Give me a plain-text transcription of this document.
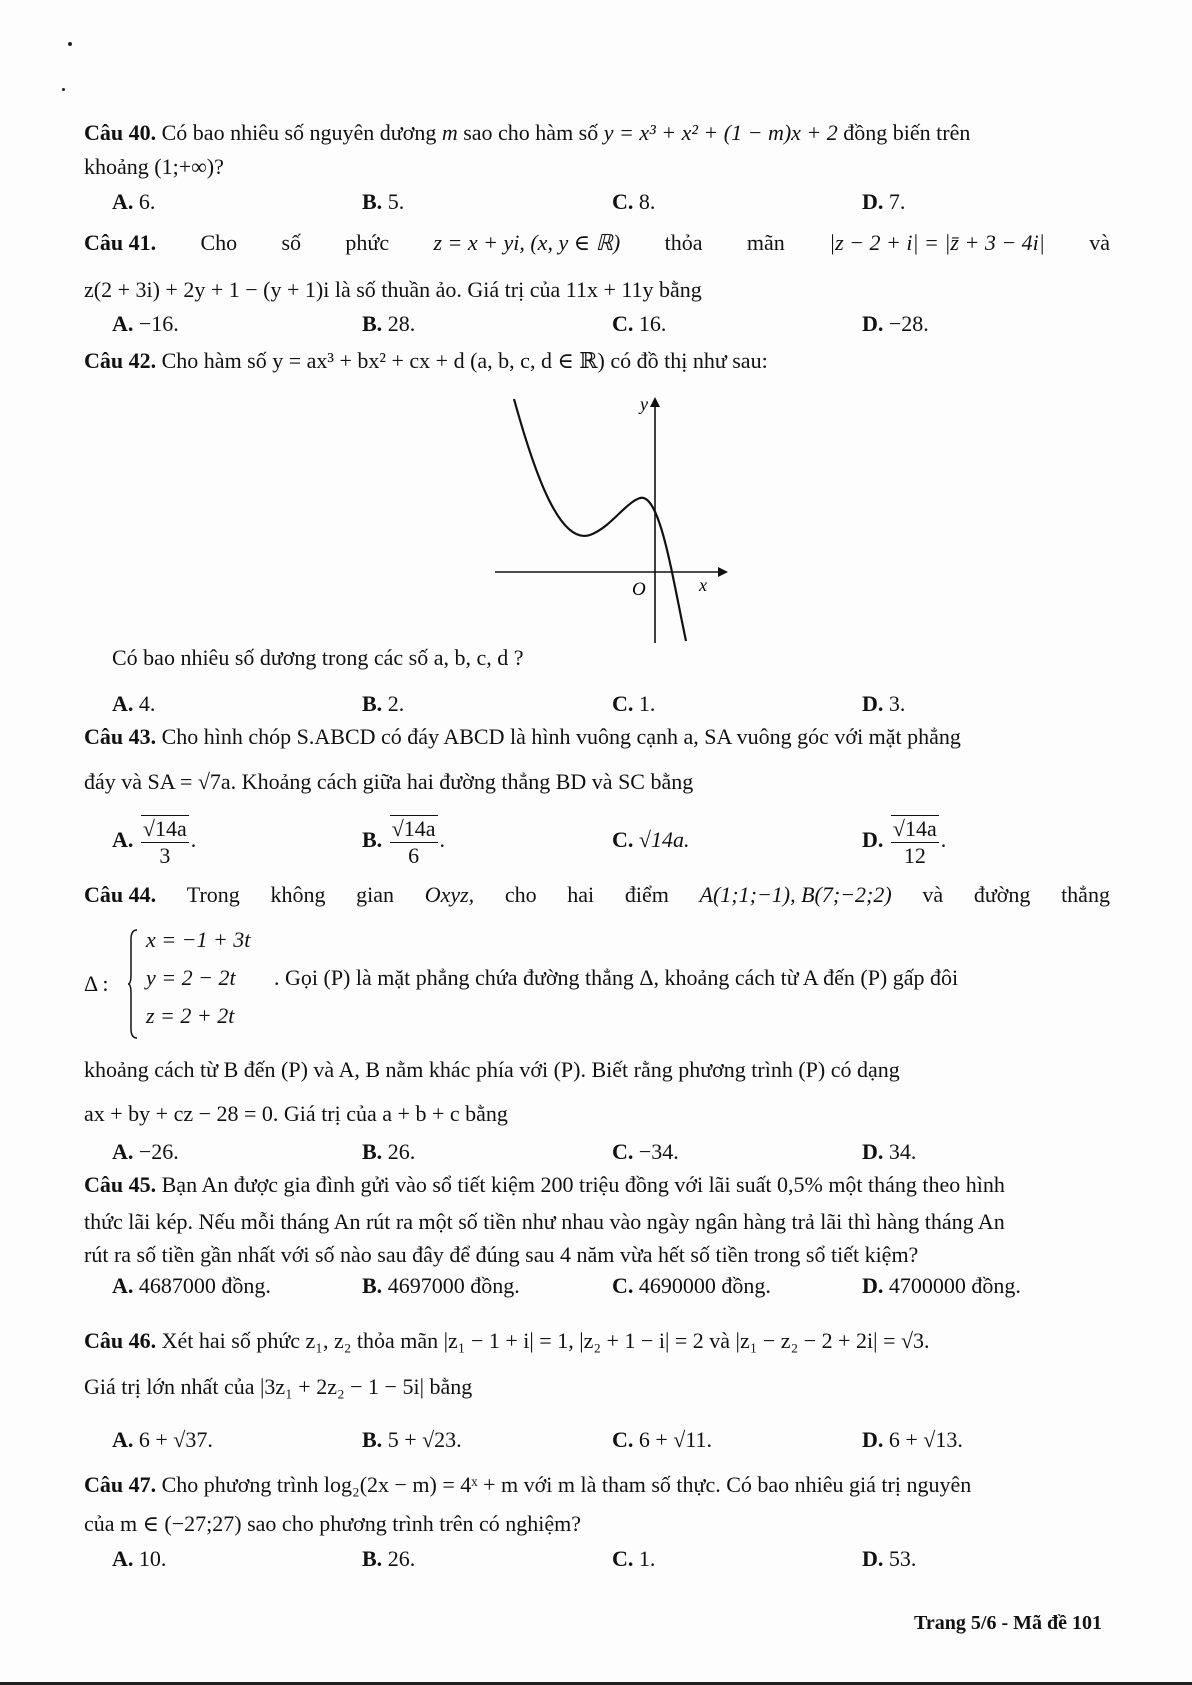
Câu 40. Có bao nhiêu số nguyên dương m sao cho hàm số y = x³ + x² + (1 − m)x + 2 đồng biến trên
khoảng (1;+∞)?
A. 6.	B. 5.	C. 8.	D. 7.
Câu 41. Cho số phức z = x + yi, (x, y ∈ ℝ) thỏa mãn |z − 2 + i| = |z̄ + 3 − 4i| và
z(2 + 3i) + 2y + 1 − (y + 1)i là số thuần ảo. Giá trị của 11x + 11y bằng
A. −16.	B. 28.	C. 16.	D. −28.
Câu 42. Cho hàm số y = ax³ + bx² + cx + d (a, b, c, d ∈ ℝ) có đồ thị như sau:
y
x
O
Có bao nhiêu số dương trong các số a, b, c, d ?
A. 4.	B. 2.	C. 1.	D. 3.
Câu 43. Cho hình chóp S.ABCD có đáy ABCD là hình vuông cạnh a, SA vuông góc với mặt phẳng
đáy và SA = √7a. Khoảng cách giữa hai đường thẳng BD và SC bằng
A. $\frac{√14a}{3}$ .	B. $\frac{√14a}{6}$ .	C. √14a.	D. $\frac{√14a}{12}$ .
Câu 44. Trong không gian Oxyz, cho hai điểm A(1;1;−1), B(7;−2;2) và đường thẳng
Δ :
x = −1 + 3t
y = 2 − 2t
z = 2 + 2t
. Gọi (P) là mặt phẳng chứa đường thẳng Δ, khoảng cách từ A đến (P) gấp đôi
khoảng cách từ B đến (P) và A, B nằm khác phía với (P). Biết rằng phương trình (P) có dạng
ax + by + cz − 28 = 0. Giá trị của a + b + c bằng
A. −26.	B. 26.	C. −34.	D. 34.
Câu 45. Bạn An được gia đình gửi vào sổ tiết kiệm 200 triệu đồng với lãi suất 0,5% một tháng theo hình
thức lãi kép. Nếu mỗi tháng An rút ra một số tiền như nhau vào ngày ngân hàng trả lãi thì hàng tháng An
rút ra số tiền gần nhất với số nào sau đây để đúng sau 4 năm vừa hết số tiền trong sổ tiết kiệm?
A. 4687000 đồng.	B. 4697000 đồng.	C. 4690000 đồng.	D. 4700000 đồng.
Câu 46. Xét hai số phức z₁, z₂ thỏa mãn |z₁ − 1 + i| = 1, |z₂ + 1 − i| = 2 và |z₁ − z₂ − 2 + 2i| = √3.
Giá trị lớn nhất của |3z₁ + 2z₂ − 1 − 5i| bằng
A. 6 + √37.	B. 5 + √23.	C. 6 + √11.	D. 6 + √13.
Câu 47. Cho phương trình log₂(2x − m) = 4ˣ + m với m là tham số thực. Có bao nhiêu giá trị nguyên
của m ∈ (−27;27) sao cho phương trình trên có nghiệm?
A. 10.	B. 26.	C. 1.	D. 53.
Trang 5/6 - Mã đề 101
